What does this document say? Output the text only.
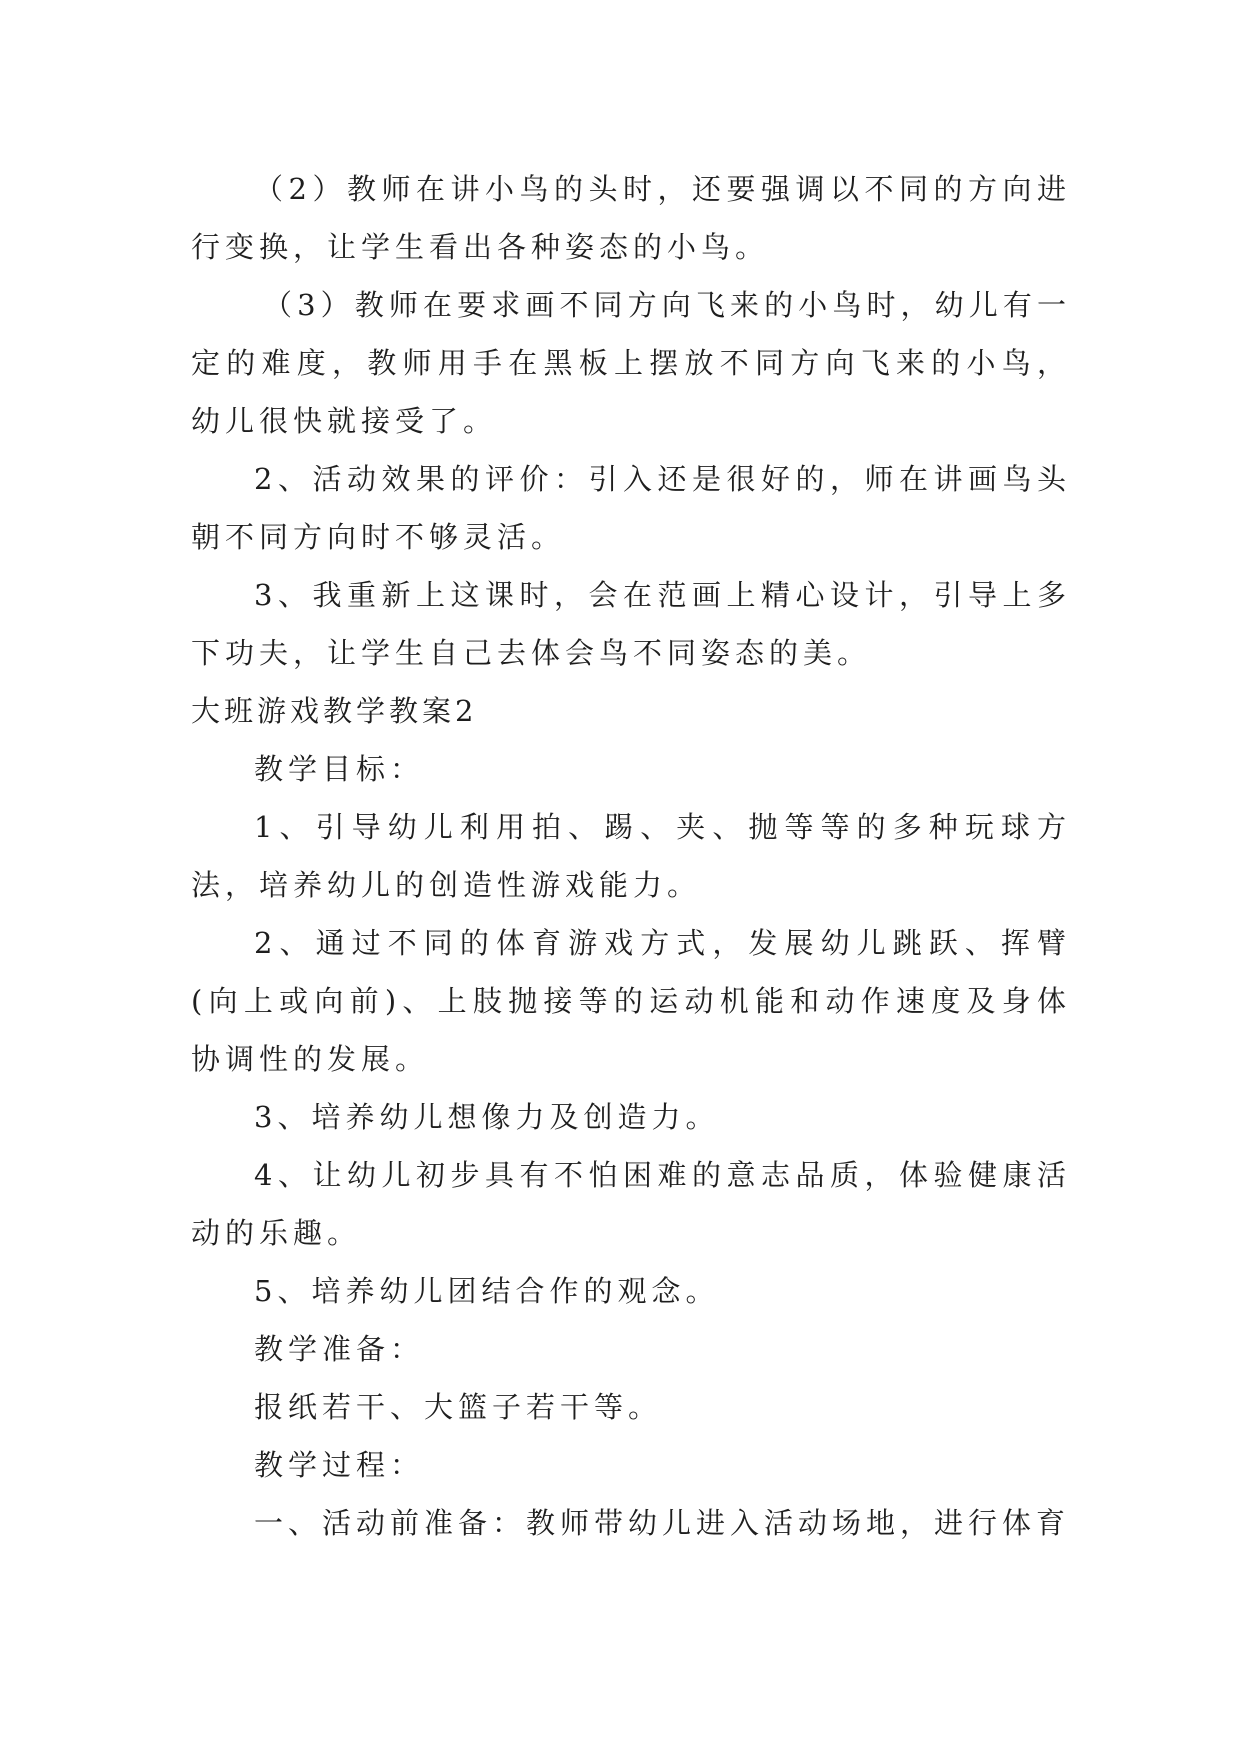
（2）教师在讲小鸟的头时，还要强调以不同的方向进行变换，让学生看出各种姿态的小鸟。

（3）教师在要求画不同方向飞来的小鸟时，幼儿有一定的难度，教师用手在黑板上摆放不同方向飞来的小鸟，幼儿很快就接受了。

2、活动效果的评价：引入还是很好的，师在讲画鸟头朝不同方向时不够灵活。

3、我重新上这课时，会在范画上精心设计，引导上多下功夫，让学生自己去体会鸟不同姿态的美。

大班游戏教学教案2

教学目标：

1、引导幼儿利用拍、踢、夹、抛等等的多种玩球方法，培养幼儿的创造性游戏能力。

2、通过不同的体育游戏方式，发展幼儿跳跃、挥臂(向上或向前)、上肢抛接等的运动机能和动作速度及身体协调性的发展。

3、培养幼儿想像力及创造力。

4、让幼儿初步具有不怕困难的意志品质，体验健康活动的乐趣。

5、培养幼儿团结合作的观念。

教学准备：

报纸若干、大篮子若干等。

教学过程：

一、活动前准备：教师带幼儿进入活动场地，进行体育
